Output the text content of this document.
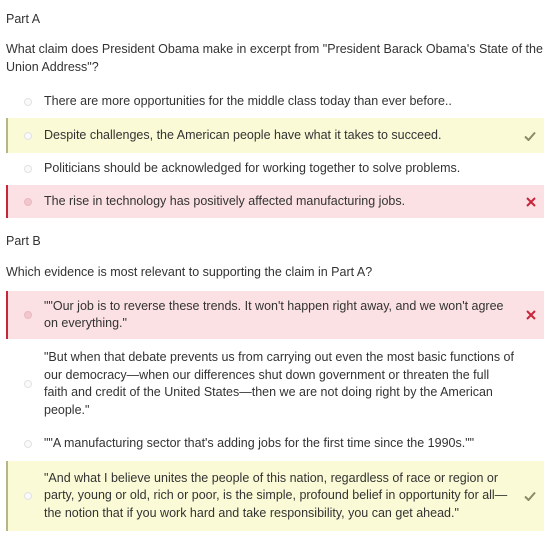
Part A
What claim does President Obama make in excerpt from "President Barack Obama's State of the Union Address"?
There are more opportunities for the middle class today than ever before..
Despite challenges, the American people have what it takes to succeed.
Politicians should be acknowledged for working together to solve problems.
The rise in technology has positively affected manufacturing jobs.
Part B
Which evidence is most relevant to supporting the claim in Part A?
""Our job is to reverse these trends. It won't happen right away, and we won't agree on everything."
"But when that debate prevents us from carrying out even the most basic functions of our democracy—when our differences shut down government or threaten the full faith and credit of the United States—then we are not doing right by the American people."
""A manufacturing sector that's adding jobs for the first time since the 1990s.""
"And what I believe unites the people of this nation, regardless of race or region or party, young or old, rich or poor, is the simple, profound belief in opportunity for all—the notion that if you work hard and take responsibility, you can get ahead."
